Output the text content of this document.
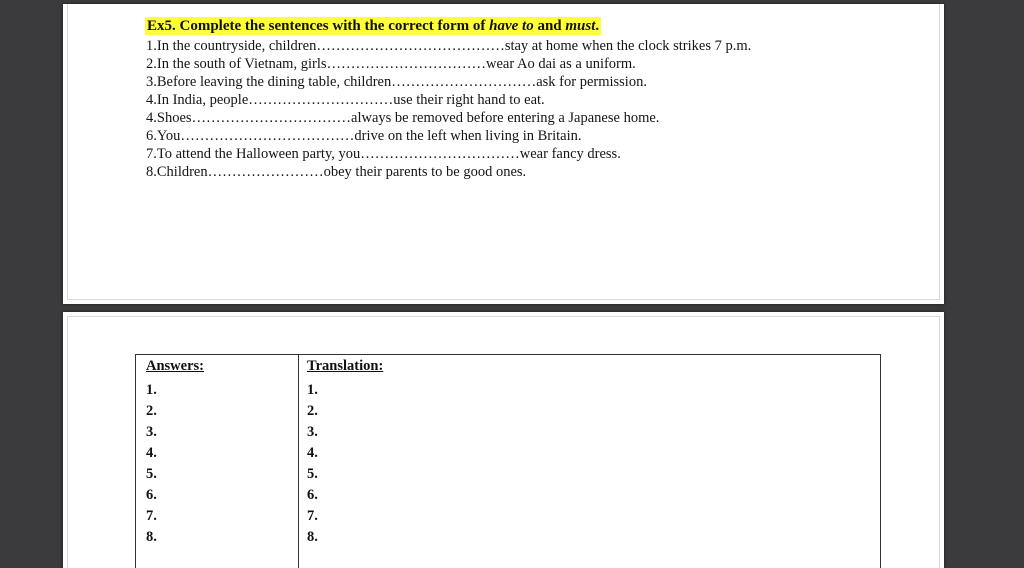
Ex5. Complete the sentences with the correct form of have to and must.
1.In the countryside, children…………………………………stay at home when the clock strikes 7 p.m.
2.In the south of Vietnam, girls……………………………wear Ao dai as a uniform.
3.Before leaving the dining table, children…………………………ask for permission.
4.In India, people…………………………use their right hand to eat.
4.Shoes……………………………always be removed before entering a Japanese home.
6.You………………………………drive on the left when living in Britain.
7.To attend the Halloween party, you……………………………wear fancy dress.
8.Children……………………obey their parents to be good ones.
Answers:
1.
2.
3.
4.
5.
6.
7.
8.
Translation:
1.
2.
3.
4.
5.
6.
7.
8.
